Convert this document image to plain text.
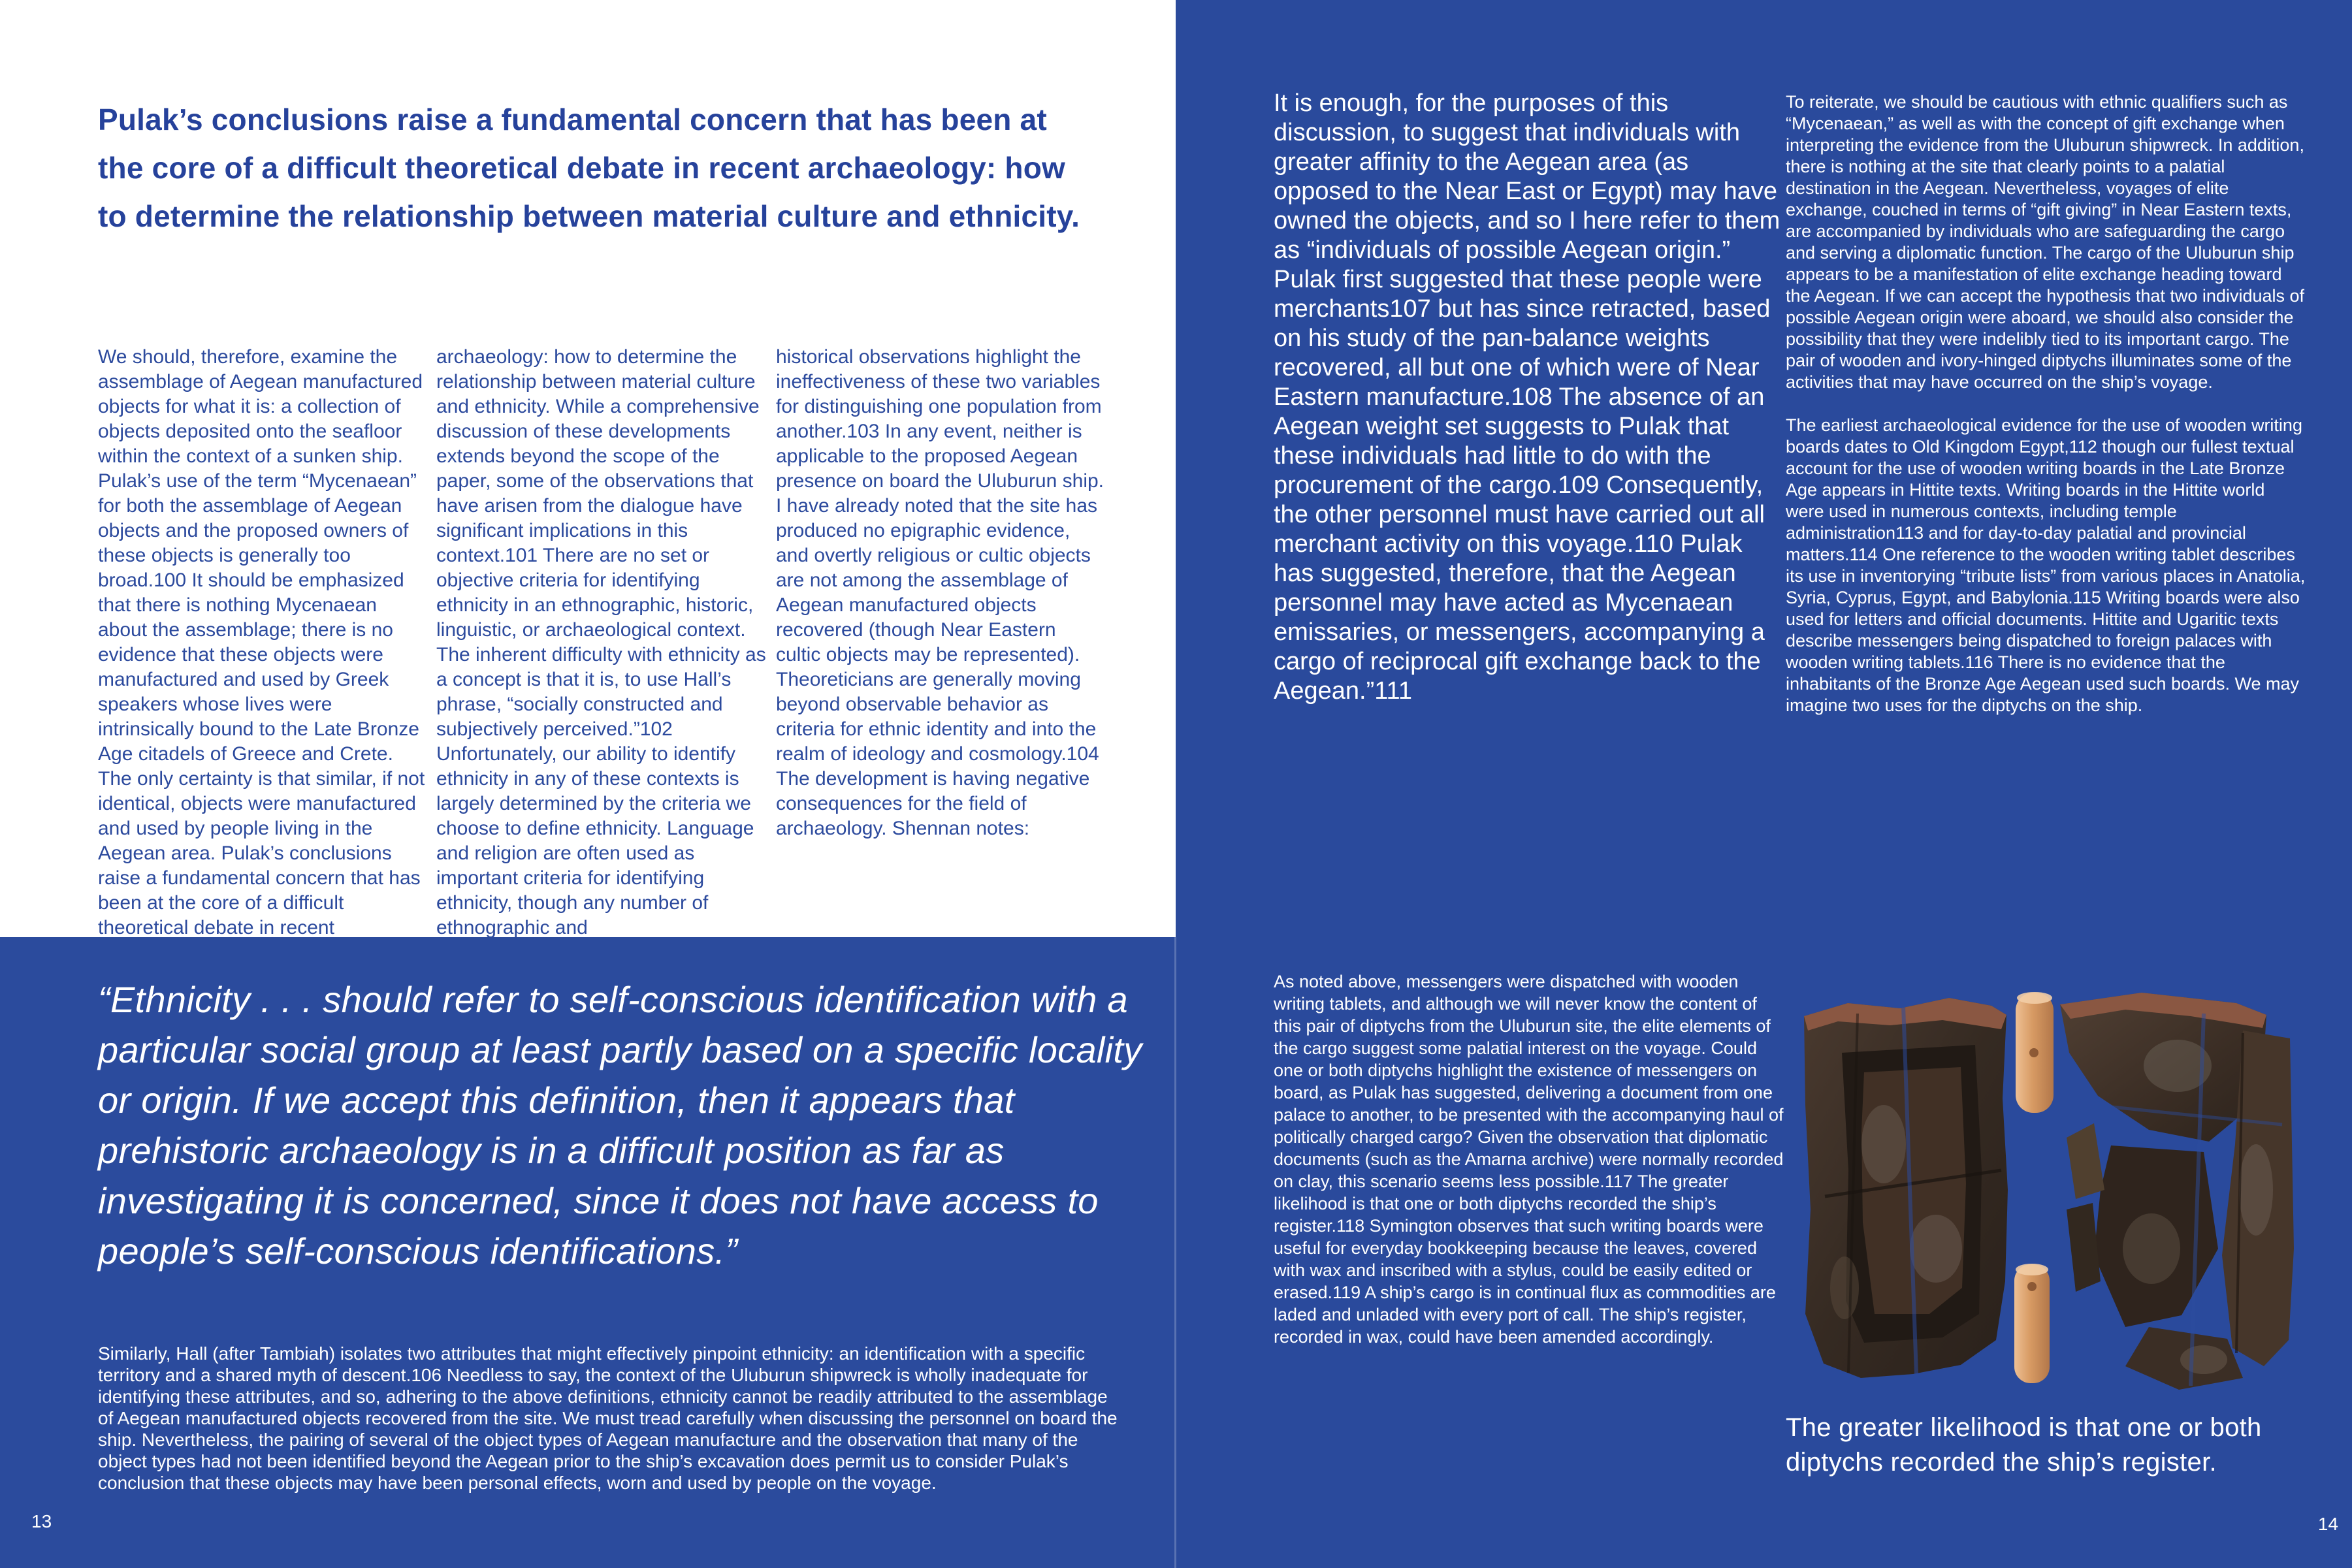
Pulak’s conclusions raise a fundamental concern that has been at the core of a difficult theoretical debate in recent archaeology: how to determine the relationship between material culture and ethnicity.
We should, therefore, examine the assemblage of Aegean manufactured objects for what it is: a collection of objects deposited onto the seafloor within the context of a sunken ship. Pulak’s use of the term “Mycenaean” for both the assemblage of Aegean objects and the proposed owners of these objects is generally too broad.100 It should be emphasized that there is nothing Mycenaean about the assemblage; there is no evidence that these objects were manufactured and used by Greek speakers whose lives were intrinsically bound to the Late Bronze Age citadels of Greece and Crete. The only certainty is that similar, if not identical, objects were manufactured and used by people living in the Aegean area. Pulak’s conclusions raise a fundamental concern that has been at the core of a difficult theoretical debate in recent
archaeology: how to determine the relationship between material culture and ethnicity. While a comprehensive discussion of these developments extends beyond the scope of the paper, some of the observations that have arisen from the dialogue have significant implications in this context.101 There are no set or objective criteria for identifying ethnicity in an ethnographic, historic, linguistic, or archaeological context. The inherent difficulty with ethnicity as a concept is that it is, to use Hall’s phrase, “socially constructed and subjectively perceived.”102 Unfortunately, our ability to identify ethnicity in any of these contexts is largely determined by the criteria we choose to define ethnicity. Language and religion are often used as important criteria for identifying ethnicity, though any number of ethnographic and
historical observations highlight the ineffectiveness of these two variables for distinguishing one population from another.103 In any event, neither is applicable to the proposed Aegean presence on board the Uluburun ship. I have already noted that the site has produced no epigraphic evidence, and overtly religious or cultic objects are not among the assemblage of Aegean manufactured objects recovered (though Near Eastern cultic objects may be represented). Theoreticians are generally moving beyond observable behavior as criteria for ethnic identity and into the realm of ideology and cosmology.104 The development is having negative consequences for the field of archaeology. Shennan notes:
“Ethnicity . . . should refer to self-conscious identification with a particular social group at least partly based on a specific locality or origin. If we accept this definition, then it appears that prehistoric archaeology is in a difficult position as far as investigating it is concerned, since it does not have access to people’s self-conscious identifications.”
Similarly, Hall (after Tambiah) isolates two attributes that might effectively pinpoint ethnicity: an identification with a specific territory and a shared myth of descent.106 Needless to say, the context of the Uluburun shipwreck is wholly inadequate for identifying these attributes, and so, adhering to the above definitions, ethnicity cannot be readily attributed to the assemblage of Aegean manufactured objects recovered from the site. We must tread carefully when discussing the personnel on board the ship. Nevertheless, the pairing of several of the object types of Aegean manufacture and the observation that many of the object types had not been identified beyond the Aegean prior to the ship’s excavation does permit us to consider Pulak’s conclusion that these objects may have been personal effects, worn and used by people on the voyage.
13
It is enough, for the purposes of this discussion, to suggest that individuals with greater affinity to the Aegean area (as opposed to the Near East or Egypt) may have owned the objects, and so I here refer to them as “individuals of possible Aegean origin.” Pulak first suggested that these people were merchants107 but has since retracted, based on his study of the pan-balance weights recovered, all but one of which were of Near Eastern manufacture.108 The absence of an Aegean weight set suggests to Pulak that these individuals had little to do with the procurement of the cargo.109 Consequently, the other personnel must have carried out all merchant activity on this voyage.110 Pulak has suggested, therefore, that the Aegean personnel may have acted as Mycenaean emissaries, or messengers, accompanying a cargo of reciprocal gift exchange back to the Aegean.”111

To reiterate, we should be cautious with ethnic qualifiers such as “Mycenaean,” as well as with the concept of gift exchange when interpreting the evidence from the Uluburun shipwreck. In addition, there is nothing at the site that clearly points to a palatial destination in the Aegean. Nevertheless, voyages of elite exchange, couched in terms of “gift giving” in Near Eastern texts, are accompanied by individuals who are safeguarding the cargo and serving a diplomatic function. The cargo of the Uluburun ship appears to be a manifestation of elite exchange heading toward the Aegean. If we can accept the hypothesis that two individuals of possible Aegean origin were aboard, we should also consider the possibility that they were indelibly tied to its important cargo. The pair of wooden and ivory-hinged diptychs illuminates some of the activities that may have occurred on the ship’s voyage.

The earliest archaeological evidence for the use of wooden writing boards dates to Old Kingdom Egypt,112 though our fullest textual account for the use of wooden writing boards in the Late Bronze Age appears in Hittite texts. Writing boards in the Hittite world were used in numerous contexts, including temple administration113 and for day-to-day palatial and provincial matters.114 One reference to the wooden writing tablet describes its use in inventorying “tribute lists” from various places in Anatolia, Syria, Cyprus, Egypt, and Babylonia.115 Writing boards were also used for letters and official documents. Hittite and Ugaritic texts describe messengers being dispatched to foreign palaces with wooden writing tablets.116 There is no evidence that the inhabitants of the Bronze Age Aegean used such boards. We may imagine two uses for the diptychs on the ship.

As noted above, messengers were dispatched with wooden writing tablets, and although we will never know the content of this pair of diptychs from the Uluburun site, the elite elements of the cargo suggest some palatial interest on the voyage. Could one or both diptychs highlight the existence of messengers on board, as Pulak has suggested, delivering a document from one palace to another, to be presented with the accompanying haul of politically charged cargo? Given the observation that diplomatic documents (such as the Amarna archive) were normally recorded on clay, this scenario seems less possible.117 The greater likelihood is that one or both diptychs recorded the ship’s register.118 Symington observes that such writing boards were useful for everyday bookkeeping because the leaves, covered with wax and inscribed with a stylus, could be easily edited or erased.119 A ship’s cargo is in continual flux as commodities are laded and unladed with every port of call. The ship’s register, recorded in wax, could have been amended accordingly.
The greater likelihood is that one or both diptychs recorded the ship’s register.
14
